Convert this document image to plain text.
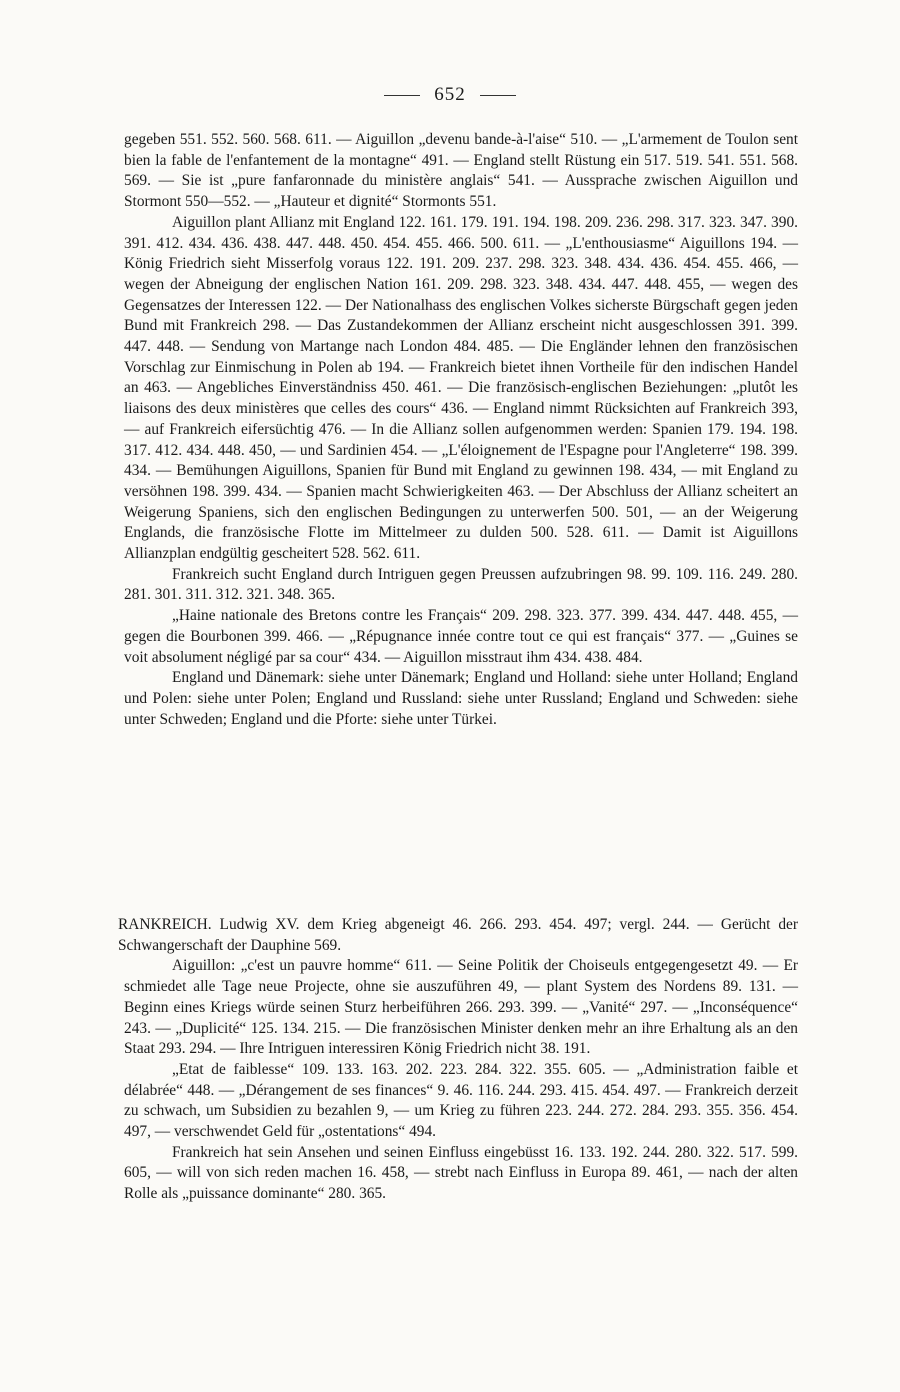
652

gegeben 551. 552. 560. 568. 611. — Aiguillon „devenu bande-à-l'aise“ 510. — „L'armement de Toulon sent bien la fable de l'enfantement de la montagne“ 491. — England stellt Rüstung ein 517. 519. 541. 551. 568. 569. — Sie ist „pure fanfaronnade du ministère anglais“ 541. — Aussprache zwischen Aiguillon und Stormont 550—552. — „Hauteur et dignité“ Stormonts 551.

Aiguillon plant Allianz mit England 122. 161. 179. 191. 194. 198. 209. 236. 298. 317. 323. 347. 390. 391. 412. 434. 436. 438. 447. 448. 450. 454. 455. 466. 500. 611. — „L'enthousiasme“ Aiguillons 194. — König Friedrich sieht Misserfolg voraus 122. 191. 209. 237. 298. 323. 348. 434. 436. 454. 455. 466, — wegen der Abneigung der englischen Nation 161. 209. 298. 323. 348. 434. 447. 448. 455, — wegen des Gegensatzes der Interessen 122. — Der Nationalhass des englischen Volkes sicherste Bürgschaft gegen jeden Bund mit Frankreich 298. — Das Zustandekommen der Allianz erscheint nicht ausgeschlossen 391. 399. 447. 448. — Sendung von Martange nach London 484. 485. — Die Engländer lehnen den französischen Vorschlag zur Einmischung in Polen ab 194. — Frankreich bietet ihnen Vortheile für den indischen Handel an 463. — Angebliches Einverständniss 450. 461. — Die französisch-englischen Beziehungen: „plutôt les liaisons des deux ministères que celles des cours“ 436. — England nimmt Rücksichten auf Frankreich 393, — auf Frankreich eifersüchtig 476. — In die Allianz sollen aufgenommen werden: Spanien 179. 194. 198. 317. 412. 434. 448. 450, — und Sardinien 454. — „L'éloignement de l'Espagne pour l'Angleterre“ 198. 399. 434. — Bemühungen Aiguillons, Spanien für Bund mit England zu gewinnen 198. 434, — mit England zu versöhnen 198. 399. 434. — Spanien macht Schwierigkeiten 463. — Der Abschluss der Allianz scheitert an Weigerung Spaniens, sich den englischen Bedingungen zu unterwerfen 500. 501, — an der Weigerung Englands, die französische Flotte im Mittelmeer zu dulden 500. 528. 611. — Damit ist Aiguillons Allianzplan endgültig gescheitert 528. 562. 611.

Frankreich sucht England durch Intriguen gegen Preussen aufzubringen 98. 99. 109. 116. 249. 280. 281. 301. 311. 312. 321. 348. 365.

„Haine nationale des Bretons contre les Français“ 209. 298. 323. 377. 399. 434. 447. 448. 455, — gegen die Bourbonen 399. 466. — „Répugnance innée contre tout ce qui est français“ 377. — „Guines se voit absolument négligé par sa cour“ 434. — Aiguillon misstraut ihm 434. 438. 484.

England und Dänemark: siehe unter Dänemark; England und Holland: siehe unter Holland; England und Polen: siehe unter Polen; England und Russland: siehe unter Russland; England und Schweden: siehe unter Schweden; England und die Pforte: siehe unter Türkei.

RANKREICH. Ludwig XV. dem Krieg abgeneigt 46. 266. 293. 454. 497; vergl. 244. — Gerücht der Schwangerschaft der Dauphine 569.

Aiguillon: „c'est un pauvre homme“ 611. — Seine Politik der Choiseuls entgegengesetzt 49. — Er schmiedet alle Tage neue Projecte, ohne sie auszuführen 49, — plant System des Nordens 89. 131. — Beginn eines Kriegs würde seinen Sturz herbeiführen 266. 293. 399. — „Vanité“ 297. — „Inconséquence“ 243. — „Duplicité“ 125. 134. 215. — Die französischen Minister denken mehr an ihre Erhaltung als an den Staat 293. 294. — Ihre Intriguen interessiren König Friedrich nicht 38. 191.

„Etat de faiblesse“ 109. 133. 163. 202. 223. 284. 322. 355. 605. — „Administration faible et délabrée“ 448. — „Dérangement de ses finances“ 9. 46. 116. 244. 293. 415. 454. 497. — Frankreich derzeit zu schwach, um Subsidien zu bezahlen 9, — um Krieg zu führen 223. 244. 272. 284. 293. 355. 356. 454. 497, — verschwendet Geld für „ostentations“ 494.

Frankreich hat sein Ansehen und seinen Einfluss eingebüsst 16. 133. 192. 244. 280. 322. 517. 599. 605, — will von sich reden machen 16. 458, — strebt nach Einfluss in Europa 89. 461, — nach der alten Rolle als „puissance dominante“ 280. 365.
